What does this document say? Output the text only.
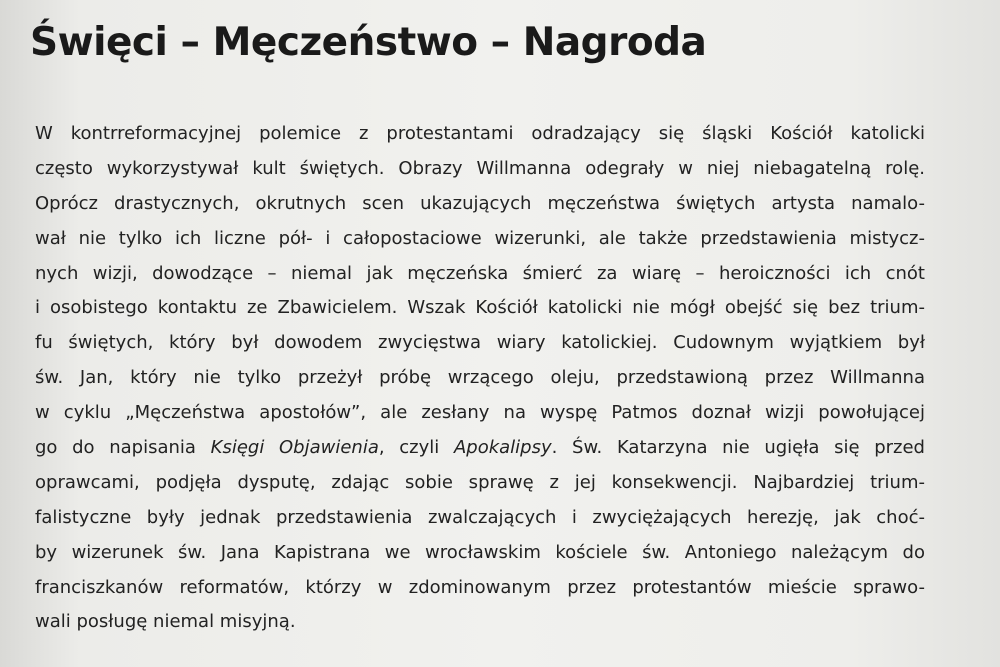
Święci – Męczeństwo – Nagroda
W kontrreformacyjnej polemice z protestantami odradzający się śląski Kościół katolicki
często wykorzystywał kult świętych. Obrazy Willmanna odegrały w niej niebagatelną rolę.
Oprócz drastycznych, okrutnych scen ukazujących męczeństwa świętych artysta namalo-
wał nie tylko ich liczne pół- i całopostaciowe wizerunki, ale także przedstawienia mistycz-
nych wizji, dowodzące – niemal jak męczeńska śmierć za wiarę – heroiczności ich cnót
i osobistego kontaktu ze Zbawicielem. Wszak Kościół katolicki nie mógł obejść się bez trium-
fu świętych, który był dowodem zwycięstwa wiary katolickiej. Cudownym wyjątkiem był
św. Jan, który nie tylko przeżył próbę wrzącego oleju, przedstawioną przez Willmanna
w cyklu „Męczeństwa apostołów”, ale zesłany na wyspę Patmos doznał wizji powołującej
go do napisania Księgi Objawienia, czyli Apokalipsy. Św. Katarzyna nie ugięła się przed
oprawcami, podjęła dysputę, zdając sobie sprawę z jej konsekwencji. Najbardziej trium-
falistyczne były jednak przedstawienia zwalczających i zwyciężających herezję, jak choć-
by wizerunek św. Jana Kapistrana we wrocławskim kościele św. Antoniego należącym do
franciszkanów reformatów, którzy w zdominowanym przez protestantów mieście sprawo-
wali posługę niemal misyjną.
